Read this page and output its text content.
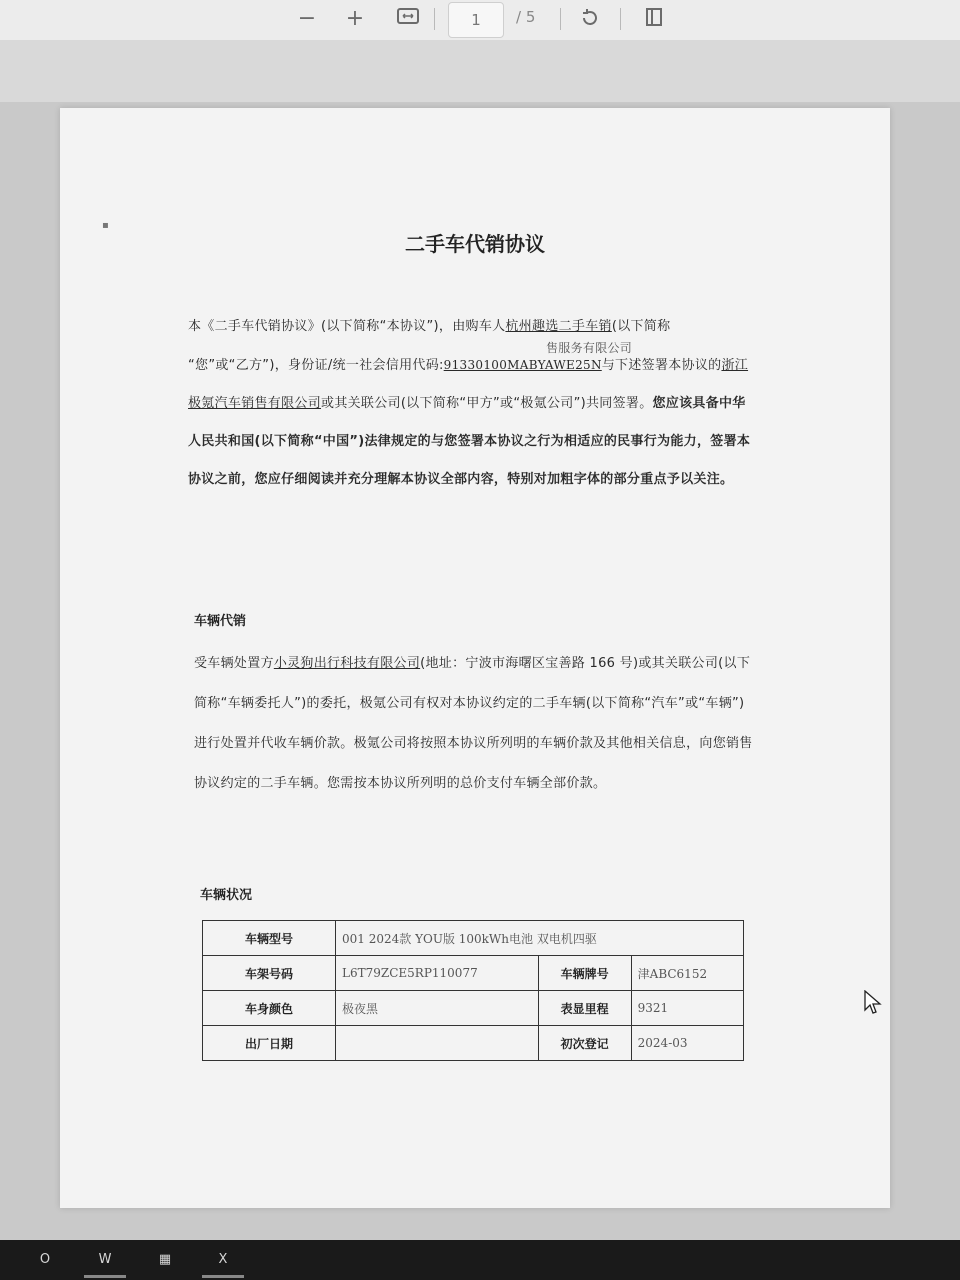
− +	1	/ 5
▪
二手车代销协议
本《二手车代销协议》(以下简称“本协议”)，由购车人杭州趣选二手车销(以下简称
售服务有限公司

“您”或“乙方”)，身份证/统一社会信用代码:91330100MABYAWE25N与下述签署本协议的浙江极氪汽车销售有限公司或其关联公司(以下简称“甲方”或“极氪公司”)共同签署。您应该具备中华人民共和国(以下简称“中国”)法律规定的与您签署本协议之行为相适应的民事行为能力，签署本协议之前，您应仔细阅读并充分理解本协议全部内容，特别对加粗字体的部分重点予以关注。
车辆代销
受车辆处置方小灵狗出行科技有限公司(地址：宁波市海曙区宝善路 166 号)或其关联公司(以下简称“车辆委托人”)的委托，极氪公司有权对本协议约定的二手车辆(以下简称“汽车”或“车辆”)进行处置并代收车辆价款。极氪公司将按照本协议所列明的车辆价款及其他相关信息，向您销售协议约定的二手车辆。您需按本协议所列明的总价支付车辆全部价款。
车辆状况
车辆型号	001 2024款 YOU版 100kWh电池 双电机四驱		
车架号码	L6T79ZCE5RP110077	车辆牌号	津ABC6152
车身颜色	极夜黑	表显里程	9321
出厂日期		初次登记	2024-03
O	W	▦	X
